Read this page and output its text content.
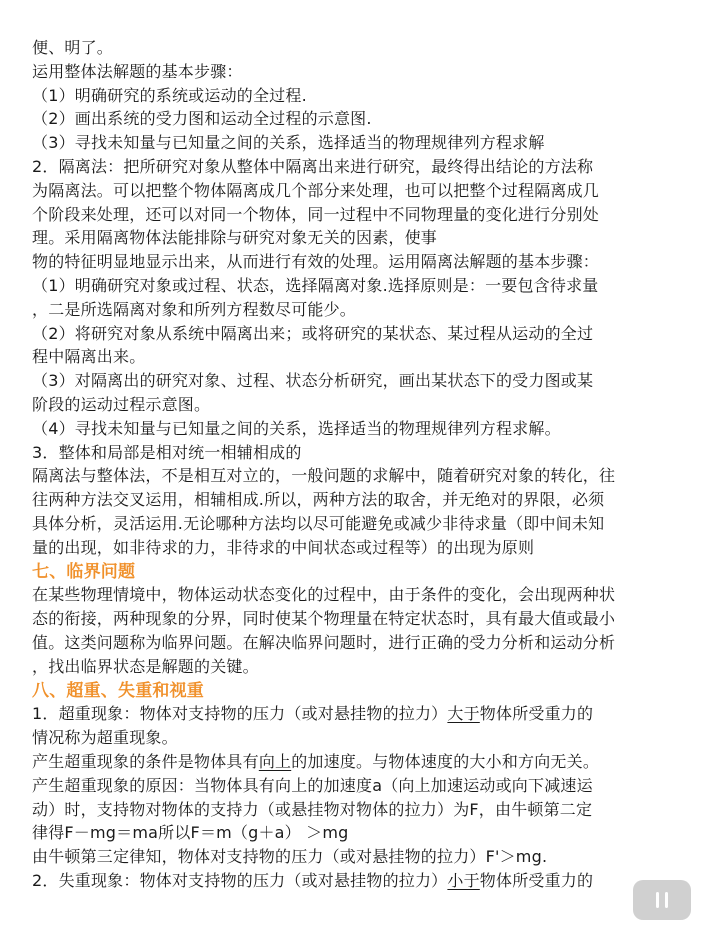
便、明了。
运用整体法解题的基本步骤：
（1）明确研究的系统或运动的全过程.
（2）画出系统的受力图和运动全过程的示意图.
（3）寻找未知量与已知量之间的关系，选择适当的物理规律列方程求解
2．隔离法：把所研究对象从整体中隔离出来进行研究，最终得出结论的方法称
为隔离法。可以把整个物体隔离成几个部分来处理，也可以把整个过程隔离成几
个阶段来处理，还可以对同一个物体，同一过程中不同物理量的变化进行分别处
理。采用隔离物体法能排除与研究对象无关的因素，使事
物的特征明显地显示出来，从而进行有效的处理。运用隔离法解题的基本步骤：
（1）明确研究对象或过程、状态，选择隔离对象.选择原则是：一要包含待求量
，二是所选隔离对象和所列方程数尽可能少。
（2）将研究对象从系统中隔离出来；或将研究的某状态、某过程从运动的全过
程中隔离出来。
（3）对隔离出的研究对象、过程、状态分析研究，画出某状态下的受力图或某
阶段的运动过程示意图。
（4）寻找未知量与已知量之间的关系，选择适当的物理规律列方程求解。
3．整体和局部是相对统一相辅相成的
隔离法与整体法，不是相互对立的，一般问题的求解中，随着研究对象的转化，往
往两种方法交叉运用，相辅相成.所以，两种方法的取舍，并无绝对的界限，必须
具体分析，灵活运用.无论哪种方法均以尽可能避免或减少非待求量（即中间未知
量的出现，如非待求的力，非待求的中间状态或过程等）的出现为原则
七、临界问题
在某些物理情境中，物体运动状态变化的过程中，由于条件的变化，会出现两种状
态的衔接，两种现象的分界，同时使某个物理量在特定状态时，具有最大值或最小
值。这类问题称为临界问题。在解决临界问题时，进行正确的受力分析和运动分析
，找出临界状态是解题的关键。
八、超重、失重和视重
1．超重现象：物体对支持物的压力（或对悬挂物的拉力）大于物体所受重力的
情况称为超重现象。
产生超重现象的条件是物体具有向上的加速度。与物体速度的大小和方向无关。
产生超重现象的原因：当物体具有向上的加速度a（向上加速运动或向下减速运
动）时，支持物对物体的支持力（或悬挂物对物体的拉力）为F，由牛顿第二定
律得F－mg＝ma所以F＝m（g＋a） ＞mg
由牛顿第三定律知，物体对支持物的压力（或对悬挂物的拉力）F'＞mg.
2．失重现象：物体对支持物的压力（或对悬挂物的拉力）小于物体所受重力的
